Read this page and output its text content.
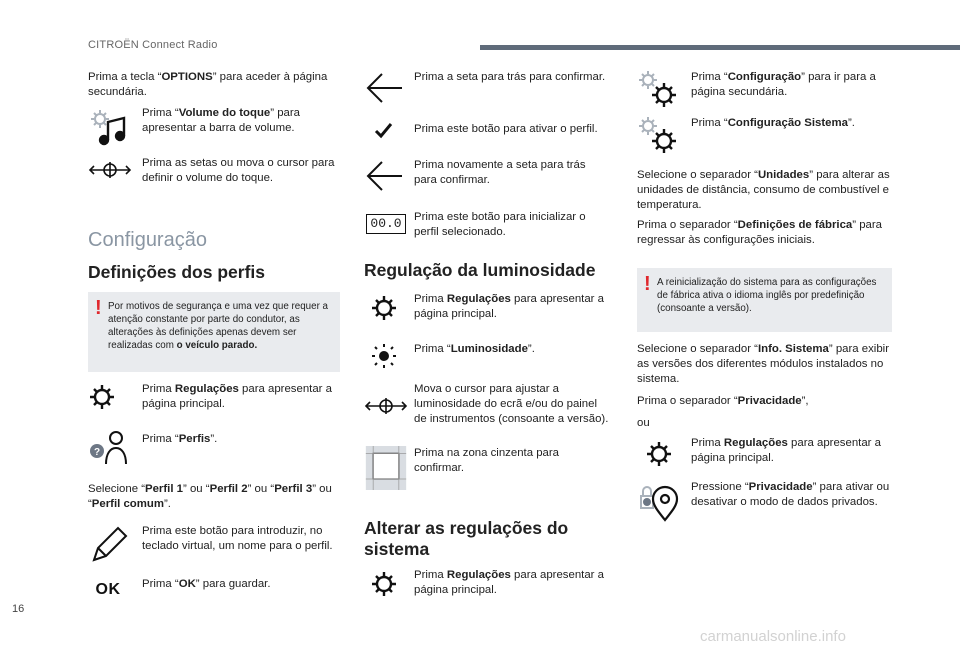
CITROËN Connect Radio

Prima a tecla “OPTIONS” para aceder à página secundária.

Prima “Volume do toque” para apresentar a barra de volume.

Prima as setas ou mova o cursor para definir o volume do toque.

Configuração
Definições dos perfis
! Por motivos de segurança e uma vez que requer a atenção constante por parte do condutor, as alterações às definições apenas devem ser realizadas com o veículo parado.

Prima Regulações para apresentar a página principal.

?

Prima “Perfis”.

Selecione “Perfil 1” ou “Perfil 2” ou “Perfil 3” ou “Perfil comum”.

Prima este botão para introduzir, no teclado virtual, um nome para o perfil.

OK	Prima “OK” para guardar.

Prima a seta para trás para confirmar.

Prima este botão para ativar o perfil.

Prima novamente a seta para trás para confirmar.

00.0	Prima este botão para inicializar o perfil selecionado.

Regulação da luminosidade

Prima Regulações para apresentar a página principal.

Prima “Luminosidade”.

Mova o cursor para ajustar a luminosidade do ecrã e/ou do painel de instrumentos (consoante a versão).

Prima na zona cinzenta para confirmar.

Alterar as regulações do sistema

Prima Regulações para apresentar a página principal.

Prima “Configuração” para ir para a página secundária.

Prima “Configuração Sistema”.

Selecione o separador “Unidades” para alterar as unidades de distância, consumo de combustível e temperatura.

Prima o separador “Definições de fábrica” para regressar às configurações iniciais.

! A reinicialização do sistema para as configurações de fábrica ativa o idioma inglês por predefinição (consoante a versão).

Selecione o separador “Info. Sistema” para exibir as versões dos diferentes módulos instalados no sistema.

Prima o separador “Privacidade”,

ou

Prima Regulações para apresentar a página principal.

Pressione “Privacidade” para ativar ou desativar o modo de dados privados.

16
carmanualsonline.info
